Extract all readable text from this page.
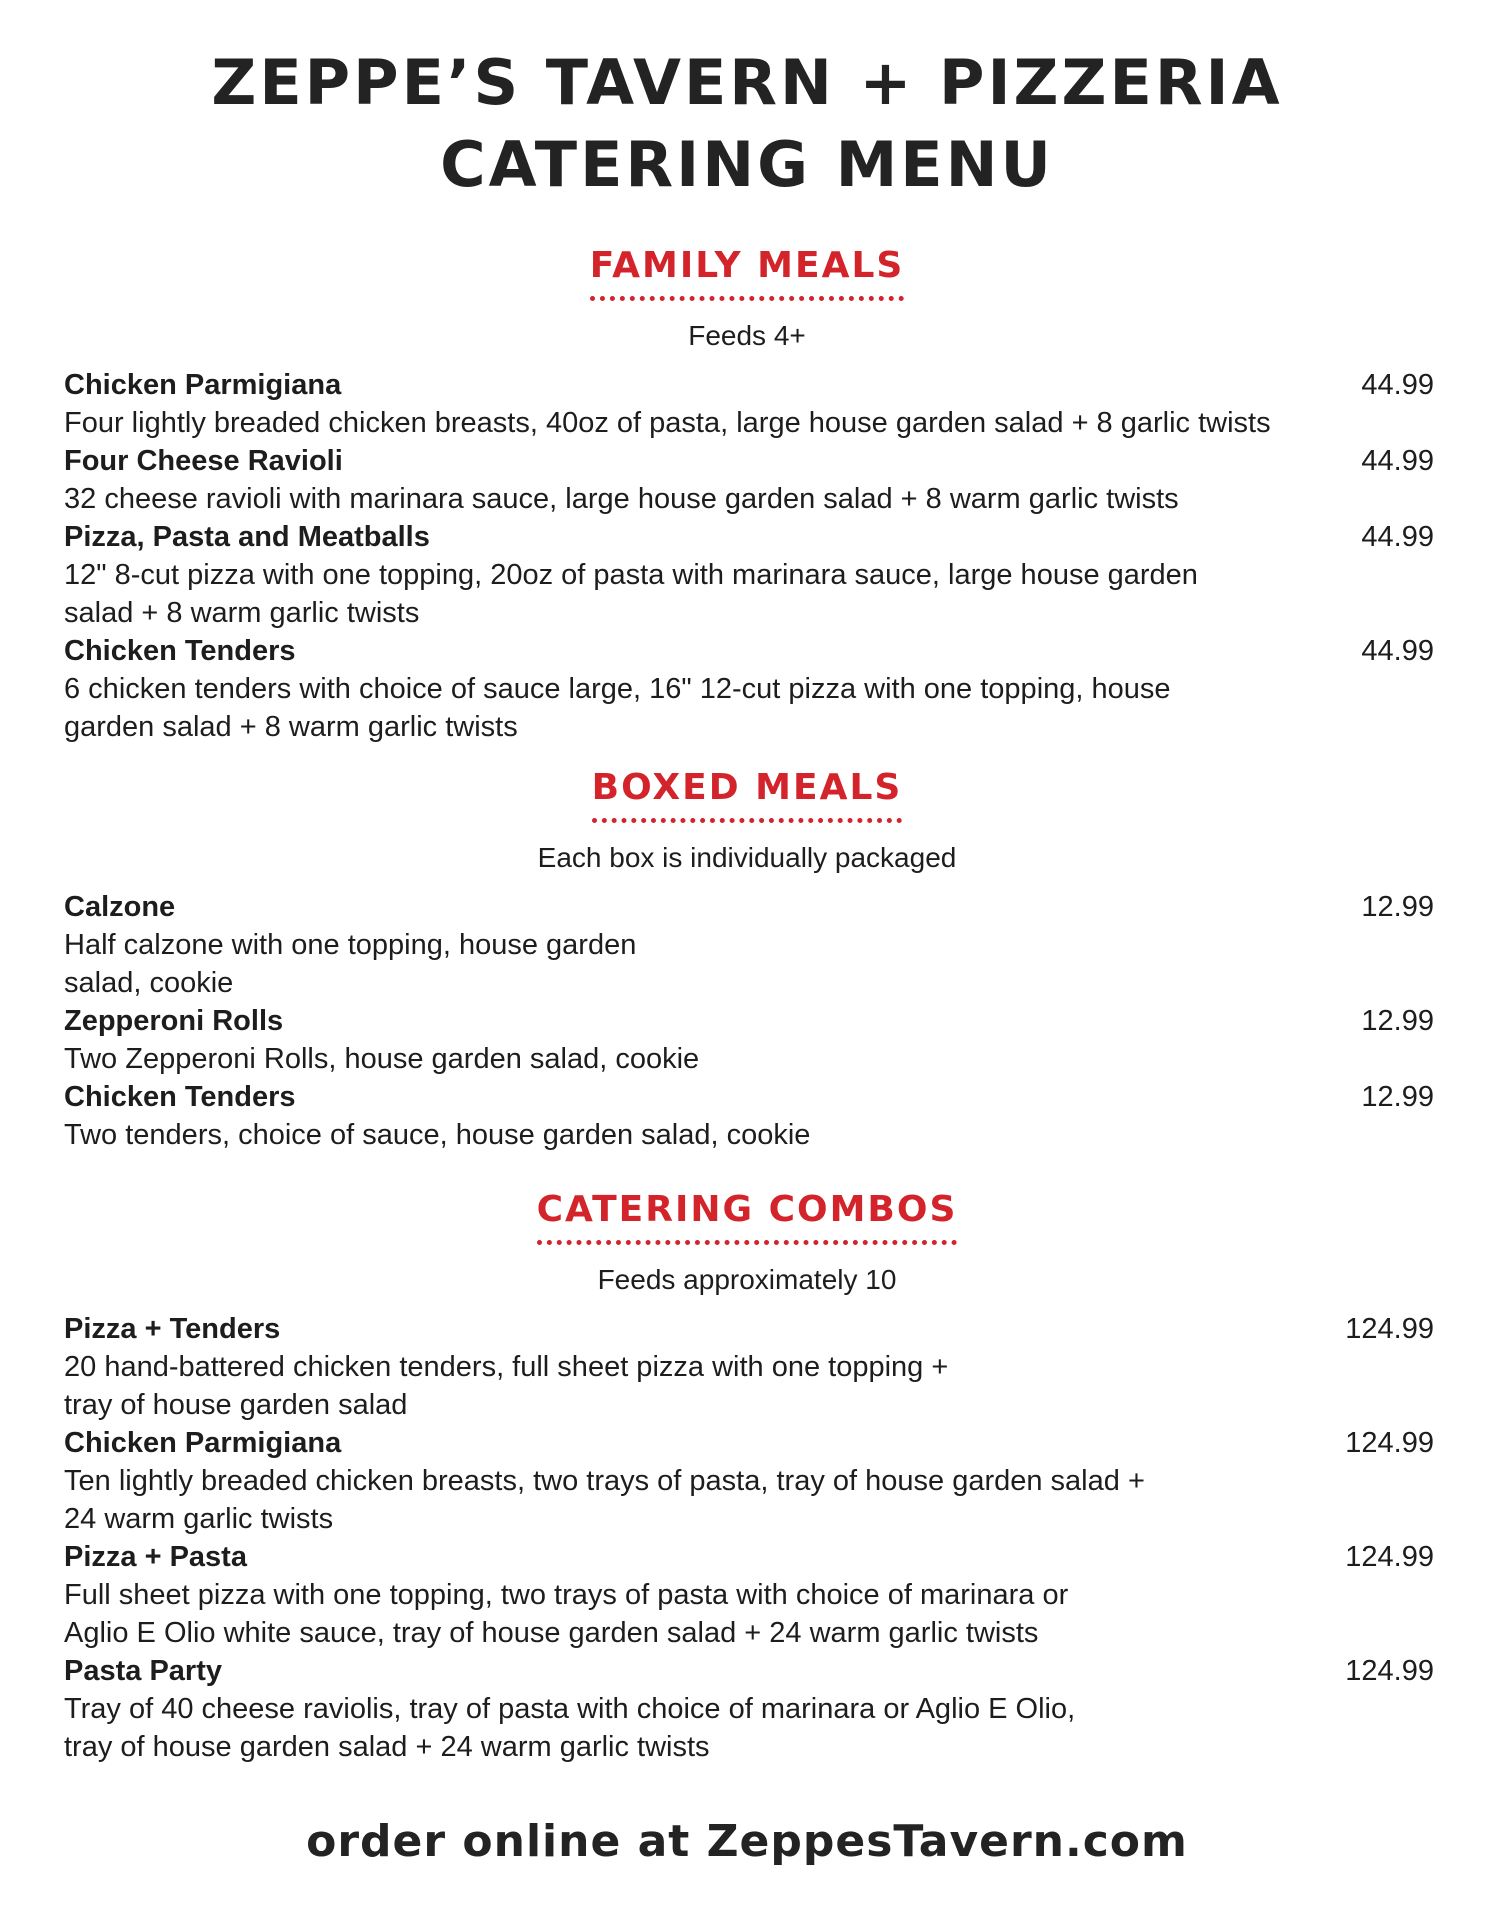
ZEPPE’S TAVERN + PIZZERIA
CATERING MENU
FAMILY MEALS
Feeds 4+
Chicken Parmigiana	44.99
Four lightly breaded chicken breasts, 40oz of pasta, large house garden salad + 8 garlic twists
Four Cheese Ravioli	44.99
32 cheese ravioli with marinara sauce, large house garden salad + 8 warm garlic twists
Pizza, Pasta and Meatballs	44.99
12" 8-cut pizza with one topping, 20oz of pasta with marinara sauce, large house garden
salad + 8 warm garlic twists
Chicken Tenders	44.99
6 chicken tenders with choice of sauce large, 16" 12-cut pizza with one topping, house
garden salad + 8 warm garlic twists
BOXED MEALS
Each box is individually packaged
Calzone	12.99
Half calzone with one topping, house garden
salad, cookie
Zepperoni Rolls	12.99
Two Zepperoni Rolls, house garden salad, cookie
Chicken Tenders	12.99
Two tenders, choice of sauce, house garden salad, cookie
CATERING COMBOS
Feeds approximately 10
Pizza + Tenders	124.99
20 hand-battered chicken tenders, full sheet pizza with one topping +
tray of house garden salad
Chicken Parmigiana	124.99
Ten lightly breaded chicken breasts, two trays of pasta, tray of house garden salad +
24 warm garlic twists
Pizza + Pasta	124.99
Full sheet pizza with one topping, two trays of pasta with choice of marinara or
Aglio E Olio white sauce, tray of house garden salad + 24 warm garlic twists
Pasta Party	124.99
Tray of 40 cheese raviolis, tray of pasta with choice of marinara or Aglio E Olio,
tray of house garden salad + 24 warm garlic twists
order online at ZeppesTavern.com
